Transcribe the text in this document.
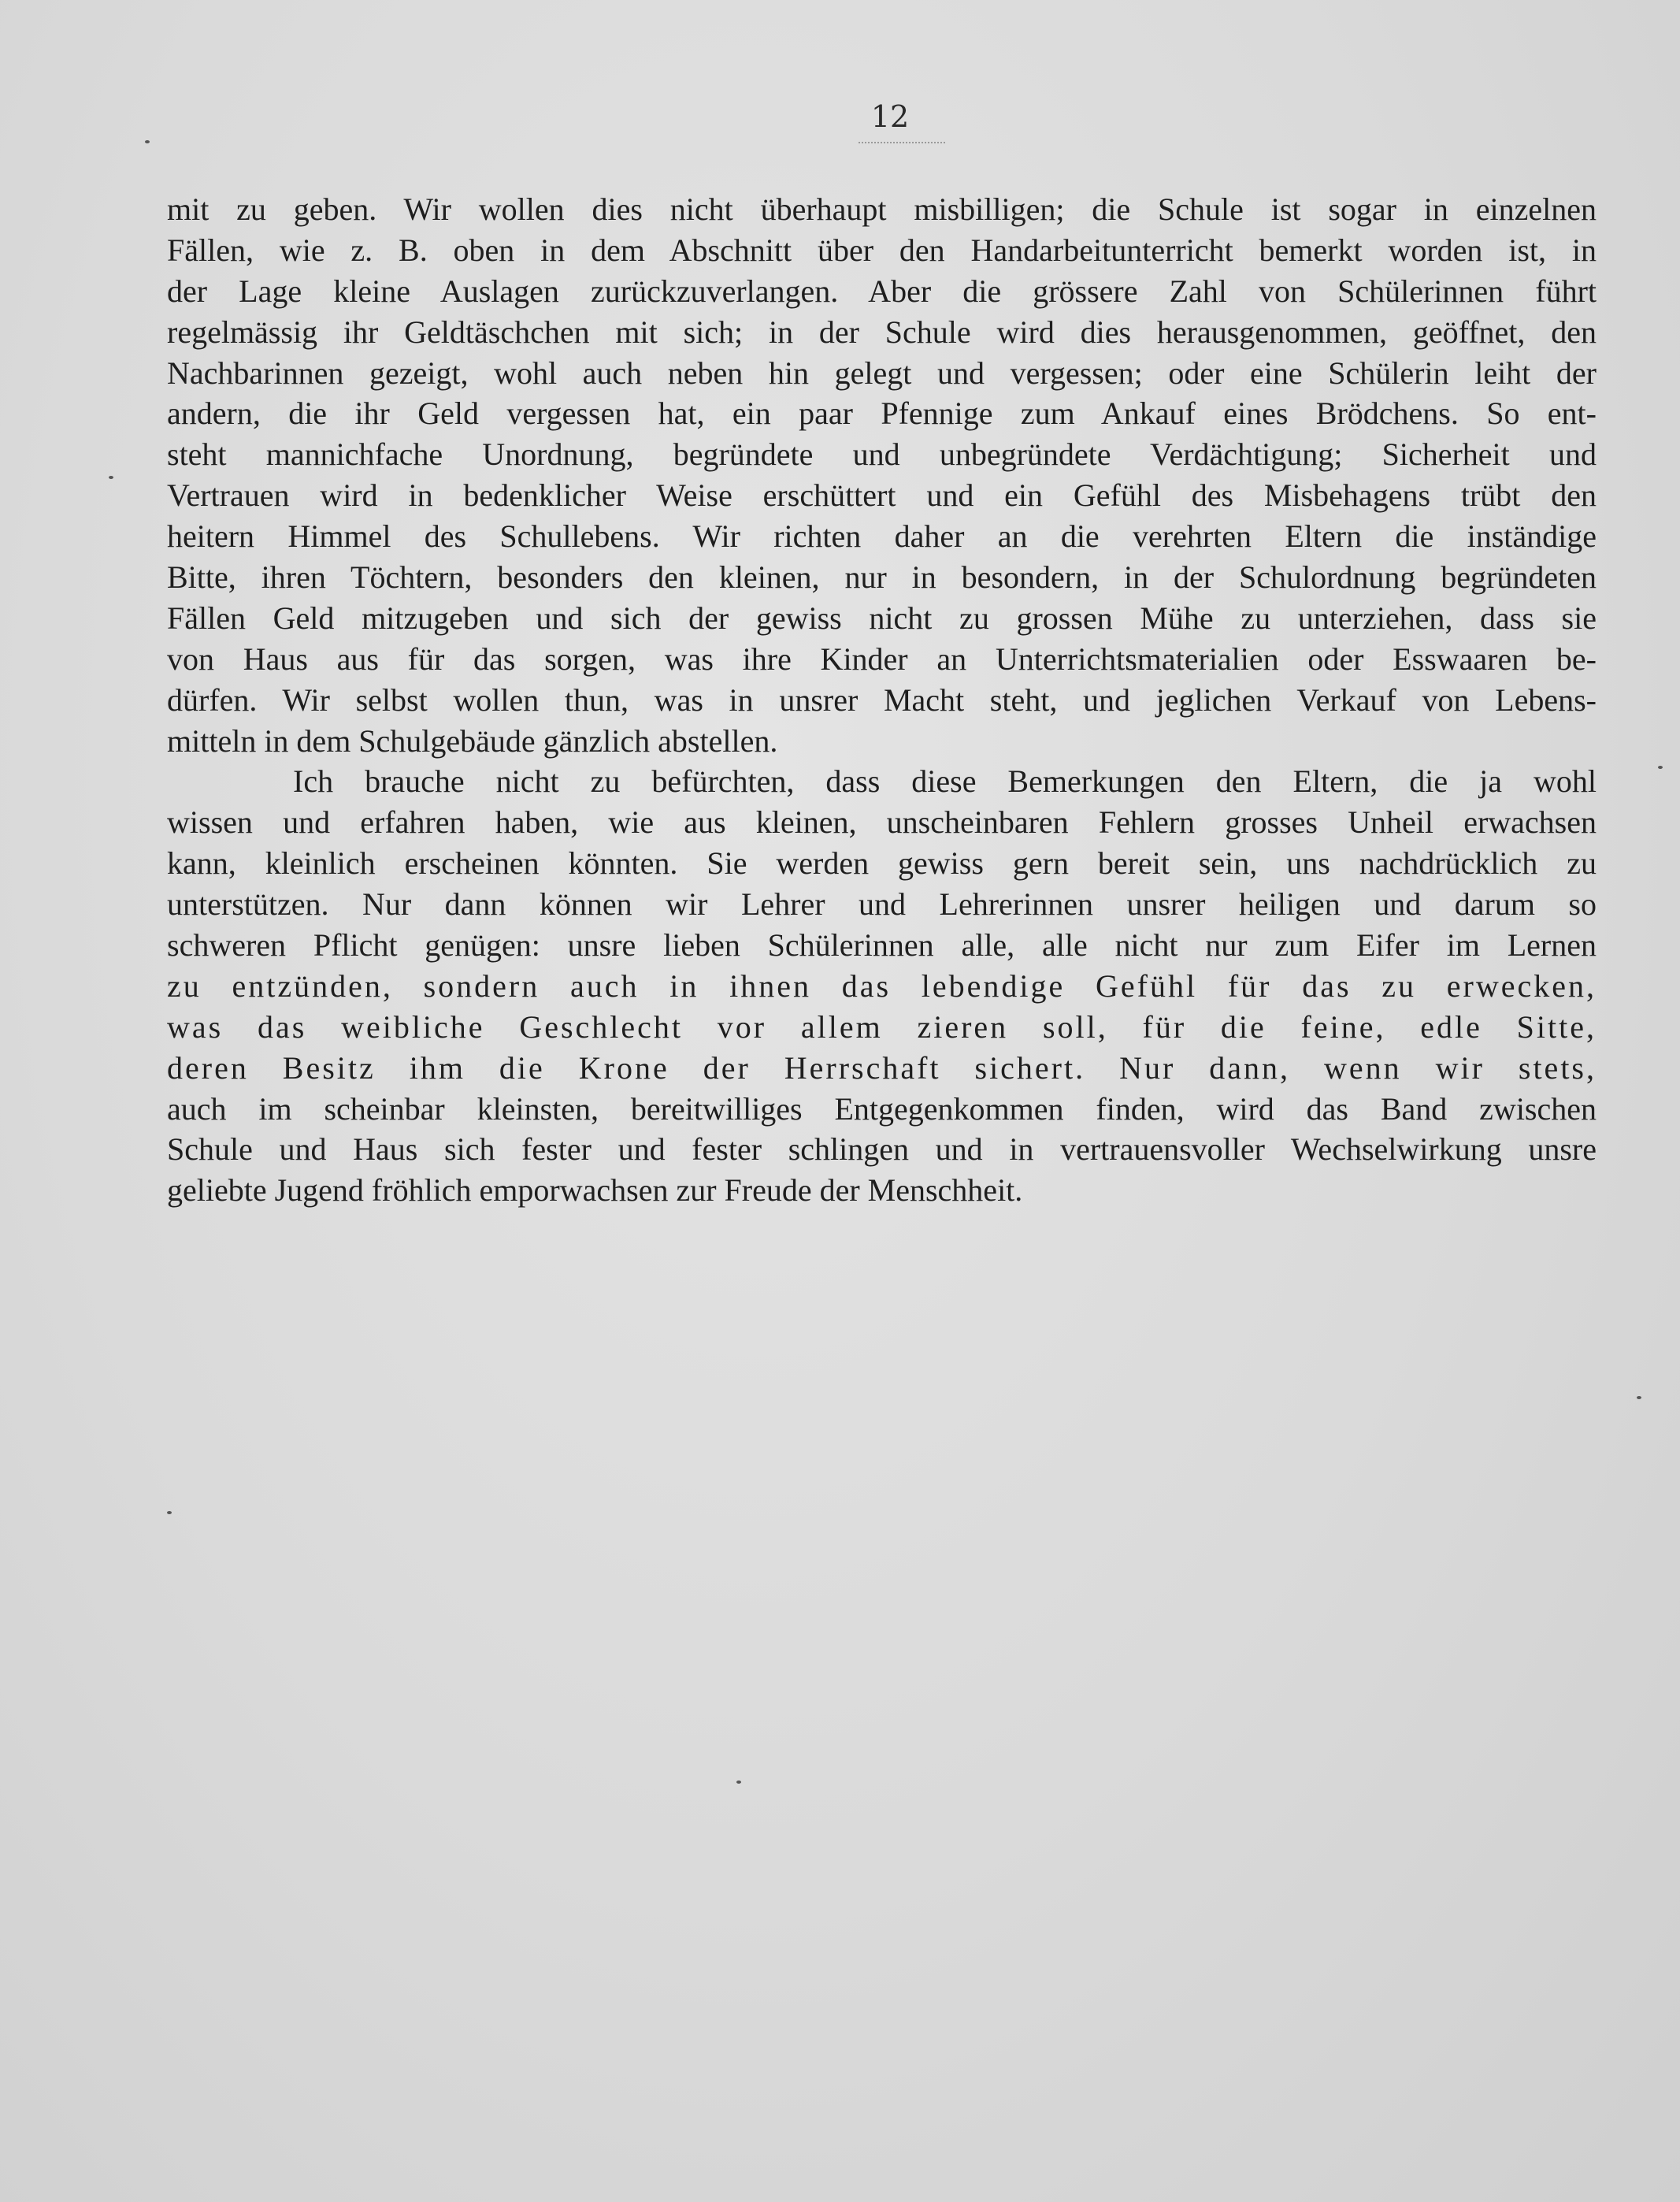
12
mit zu geben. Wir wollen dies nicht überhaupt misbilligen; die Schule ist sogar in einzelnen
Fällen, wie z. B. oben in dem Abschnitt über den Handarbeitunterricht bemerkt worden ist, in
der Lage kleine Auslagen zurückzuverlangen. Aber die grössere Zahl von Schülerinnen führt
regelmässig ihr Geldtäschchen mit sich; in der Schule wird dies herausgenommen, geöffnet, den
Nachbarinnen gezeigt, wohl auch neben hin gelegt und vergessen; oder eine Schülerin leiht der
andern, die ihr Geld vergessen hat, ein paar Pfennige zum Ankauf eines Brödchens. So ent-
steht mannichfache Unordnung, begründete und unbegründete Verdächtigung; Sicherheit und
Vertrauen wird in bedenklicher Weise erschüttert und ein Gefühl des Misbehagens trübt den
heitern Himmel des Schullebens. Wir richten daher an die verehrten Eltern die inständige
Bitte, ihren Töchtern, besonders den kleinen, nur in besondern, in der Schulordnung begründeten
Fällen Geld mitzugeben und sich der gewiss nicht zu grossen Mühe zu unterziehen, dass sie
von Haus aus für das sorgen, was ihre Kinder an Unterrichtsmaterialien oder Esswaaren be-
dürfen. Wir selbst wollen thun, was in unsrer Macht steht, und jeglichen Verkauf von Lebens-
mitteln in dem Schulgebäude gänzlich abstellen.
Ich brauche nicht zu befürchten, dass diese Bemerkungen den Eltern, die ja wohl
wissen und erfahren haben, wie aus kleinen, unscheinbaren Fehlern grosses Unheil erwachsen
kann, kleinlich erscheinen könnten. Sie werden gewiss gern bereit sein, uns nachdrücklich zu
unterstützen. Nur dann können wir Lehrer und Lehrerinnen unsrer heiligen und darum so
schweren Pflicht genügen: unsre lieben Schülerinnen alle, alle nicht nur zum Eifer im Lernen
zu entzünden, sondern auch in ihnen das lebendige Gefühl für das zu erwecken,
was das weibliche Geschlecht vor allem zieren soll, für die feine, edle Sitte,
deren Besitz ihm die Krone der Herrschaft sichert. Nur dann, wenn wir stets,
auch im scheinbar kleinsten, bereitwilliges Entgegenkommen finden, wird das Band zwischen
Schule und Haus sich fester und fester schlingen und in vertrauensvoller Wechselwirkung unsre
geliebte Jugend fröhlich emporwachsen zur Freude der Menschheit.
